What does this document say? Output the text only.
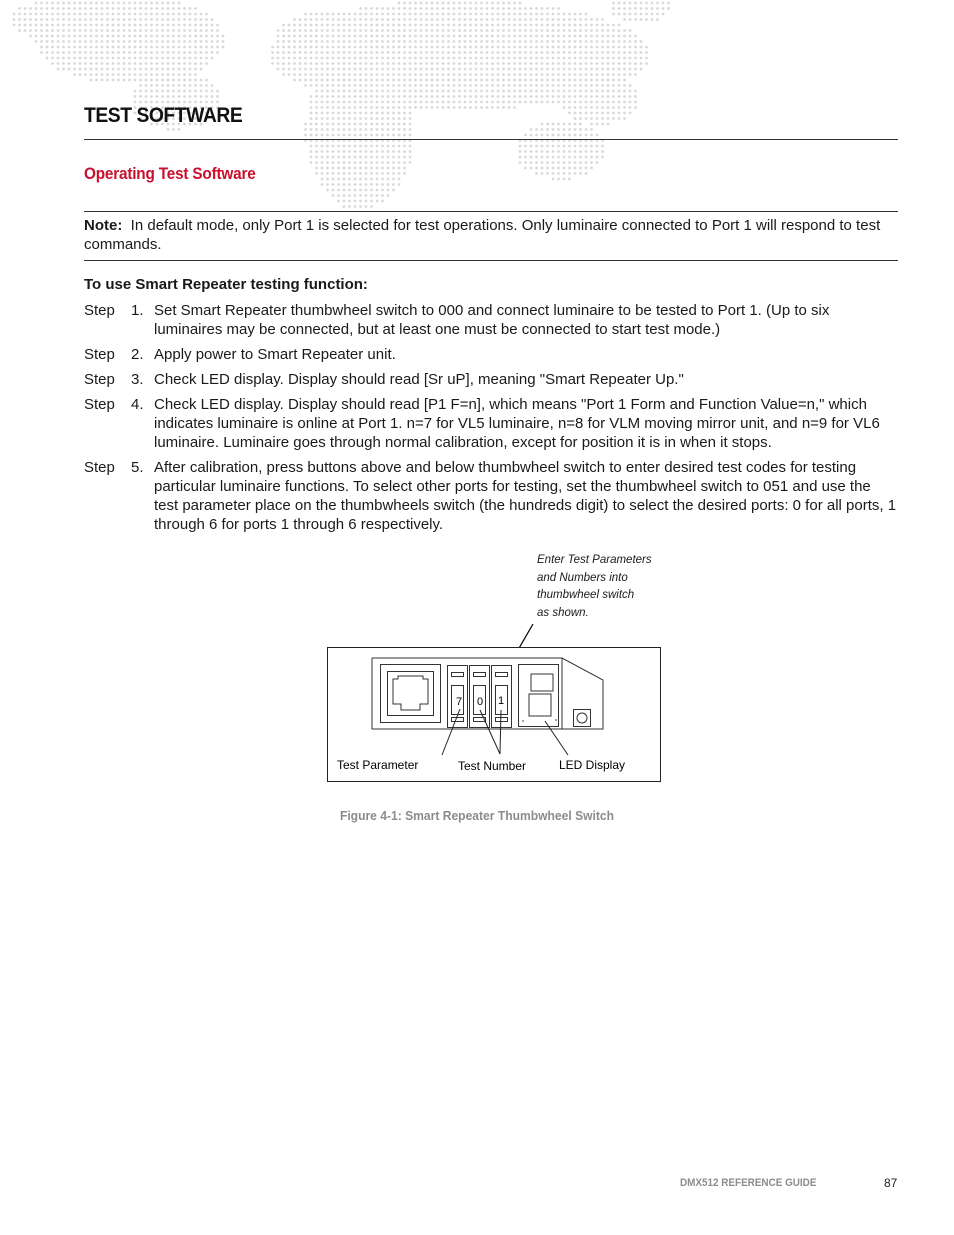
TEST SOFTWARE
Operating Test Software

Note: In default mode, only Port 1 is selected for test operations. Only luminaire connected to Port 1 will respond to test commands.

To use Smart Repeater testing function:

Step	1. Set Smart Repeater thumbwheel switch to 000 and connect luminaire to be tested to Port 1. (Up to six luminaires may be connected, but at least one must be connected to start test mode.)
Step	2. Apply power to Smart Repeater unit.
Step	3. Check LED display. Display should read [Sr uP], meaning "Smart Repeater Up."
Step	4. Check LED display. Display should read [P1 F=n], which means "Port 1 Form and Function Value=n," which indicates luminaire is online at Port 1. n=7 for VL5 luminaire, n=8 for VLM moving mirror unit, and n=9 for VL6 luminaire. Luminaire goes through normal calibration, except for position it is in when it stops.
Step	5. After calibration, press buttons above and below thumbwheel switch to enter desired test codes for testing particular luminaire functions. To select other ports for testing, set the thumbwheel switch to 051 and use the test parameter place on the thumbwheels switch (the hundreds digit) to select the desired ports: 0 for all ports, 1 through 6 for ports 1 through 6 respectively.

Enter Test Parameters
and Numbers into
thumbwheel switch
as shown.

7 0 1
Test Parameter	Test Number	LED Display

Figure 4-1: Smart Repeater Thumbwheel Switch

DMX512 REFERENCE GUIDE	87
